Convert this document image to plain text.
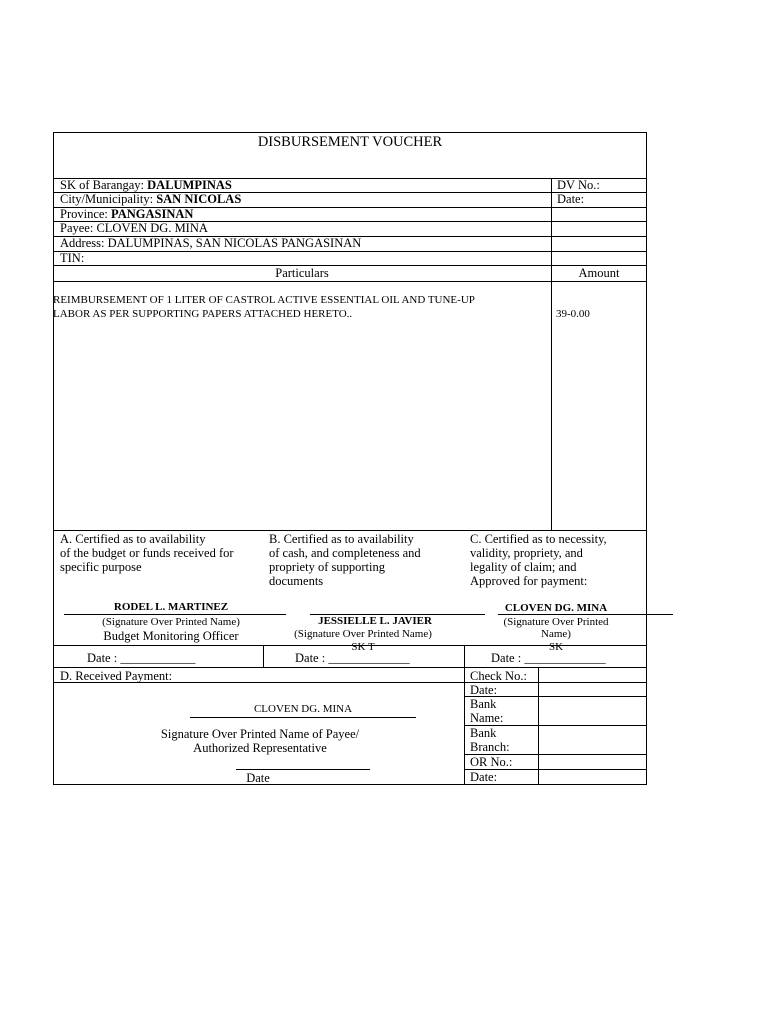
DISBURSEMENT VOUCHER
SK of Barangay: DALUMPINAS
City/Municipality: SAN NICOLAS
Province: PANGASINAN
Payee: CLOVEN DG. MINA
Address: DALUMPINAS, SAN NICOLAS PANGASINAN
TIN:
DV No.:
Date:
Particulars	Amount
REIMBURSEMENT OF 1 LITER OF CASTROL ACTIVE ESSENTIAL OIL AND TUNE-UP
LABOR AS PER SUPPORTING PAPERS ATTACHED HERETO..	39-0.00
A. Certified as to availability
of the budget or funds received for
specific purpose
RODEL L. MARTINEZ
(Signature Over Printed Name)
Budget Monitoring Officer
B. Certified as to availability
of cash, and completeness and
propriety of supporting
documents
JESSIELLE L. JAVIER
(Signature Over Printed Name)
SK T
C. Certified as to necessity,
validity, propriety, and
legality of claim; and
Approved for payment:
CLOVEN DG. MINA
(Signature Over Printed
Name)
SK
Date : ____________	Date : _____________	Date : _____________
D. Received Payment:
CLOVEN DG. MINA
Signature Over Printed Name of Payee/
Authorized Representative
Date
Check No.:
Date:
Bank
Name:
Bank
Branch:
OR No.:
Date:
